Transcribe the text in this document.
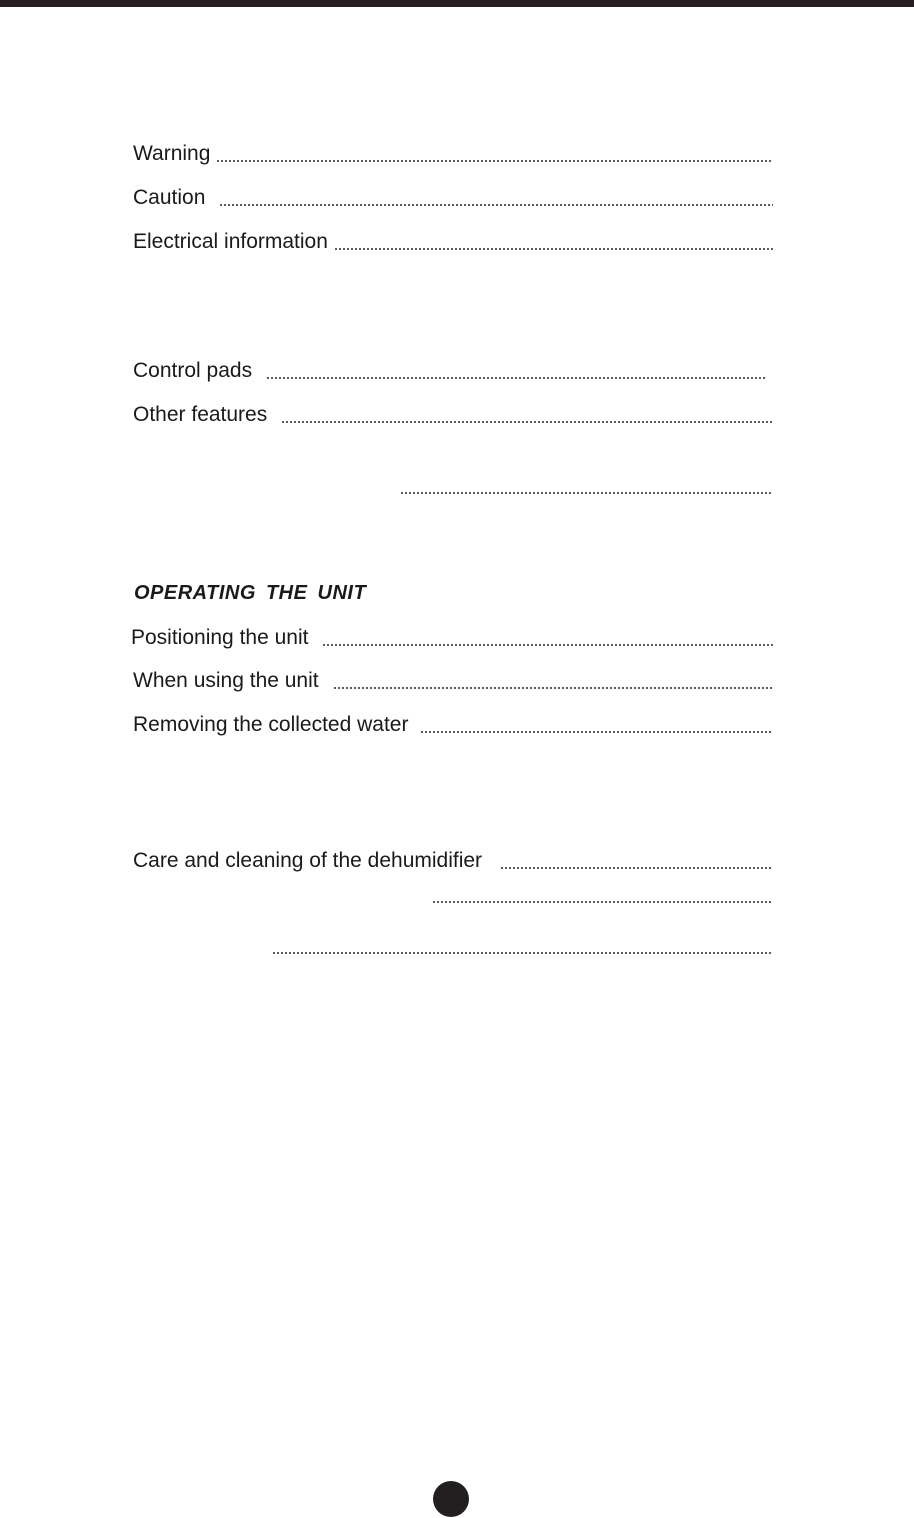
Warning
Caution
Electrical information
Control pads
Other features
OPERATING THE UNIT
Positioning the unit
When using the unit
Removing the collected water
Care and cleaning of the dehumidifier
